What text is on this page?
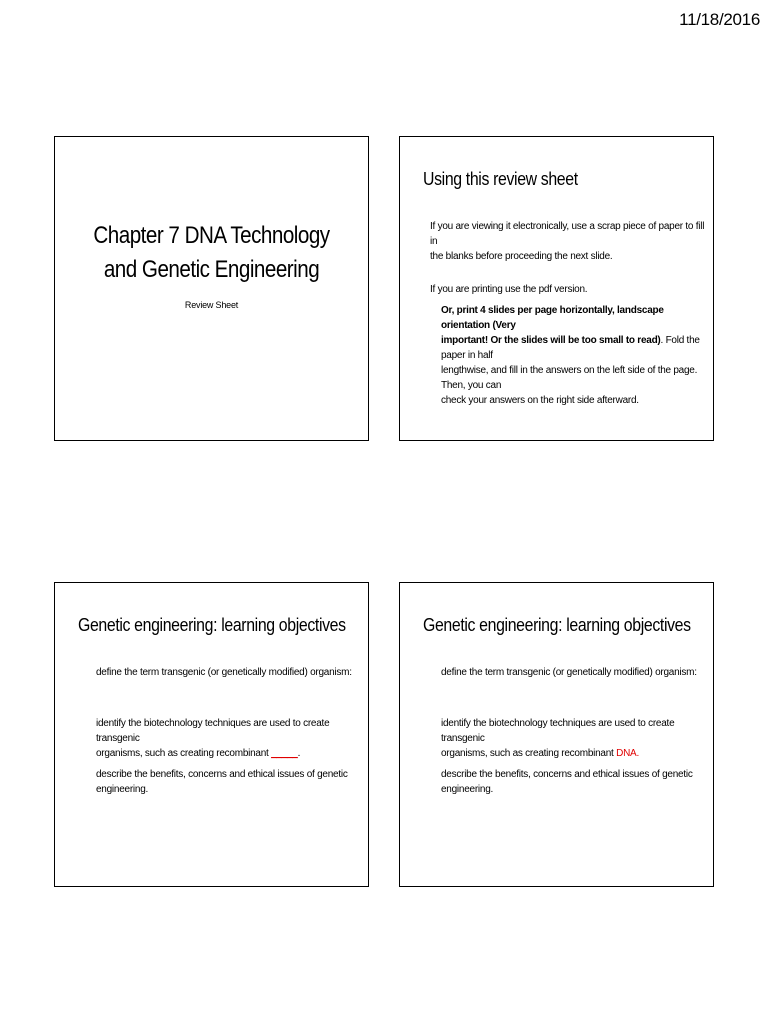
11/18/2016
Chapter 7 DNA Technology
and Genetic Engineering
Review Sheet
Using this review sheet
If you are viewing it electronically, use a scrap piece of paper to fill in
the blanks before proceeding the next slide.
If you are printing use the pdf version.
Or, print 4 slides per page horizontally, landscape orientation (Very
important! Or the slides will be too small to read). Fold the paper in half
lengthwise, and fill in the answers on the left side of the page. Then, you can
check your answers on the right side afterward.
Genetic engineering: learning objectives
define the term transgenic (or genetically modified) organism:
identify the biotechnology techniques are used to create transgenic
organisms, such as creating recombinant _____.
describe the benefits, concerns and ethical issues of genetic engineering.
Genetic engineering: learning objectives
define the term transgenic (or genetically modified) organism:
identify the biotechnology techniques are used to create transgenic
organisms, such as creating recombinant DNA.
describe the benefits, concerns and ethical issues of genetic engineering.
